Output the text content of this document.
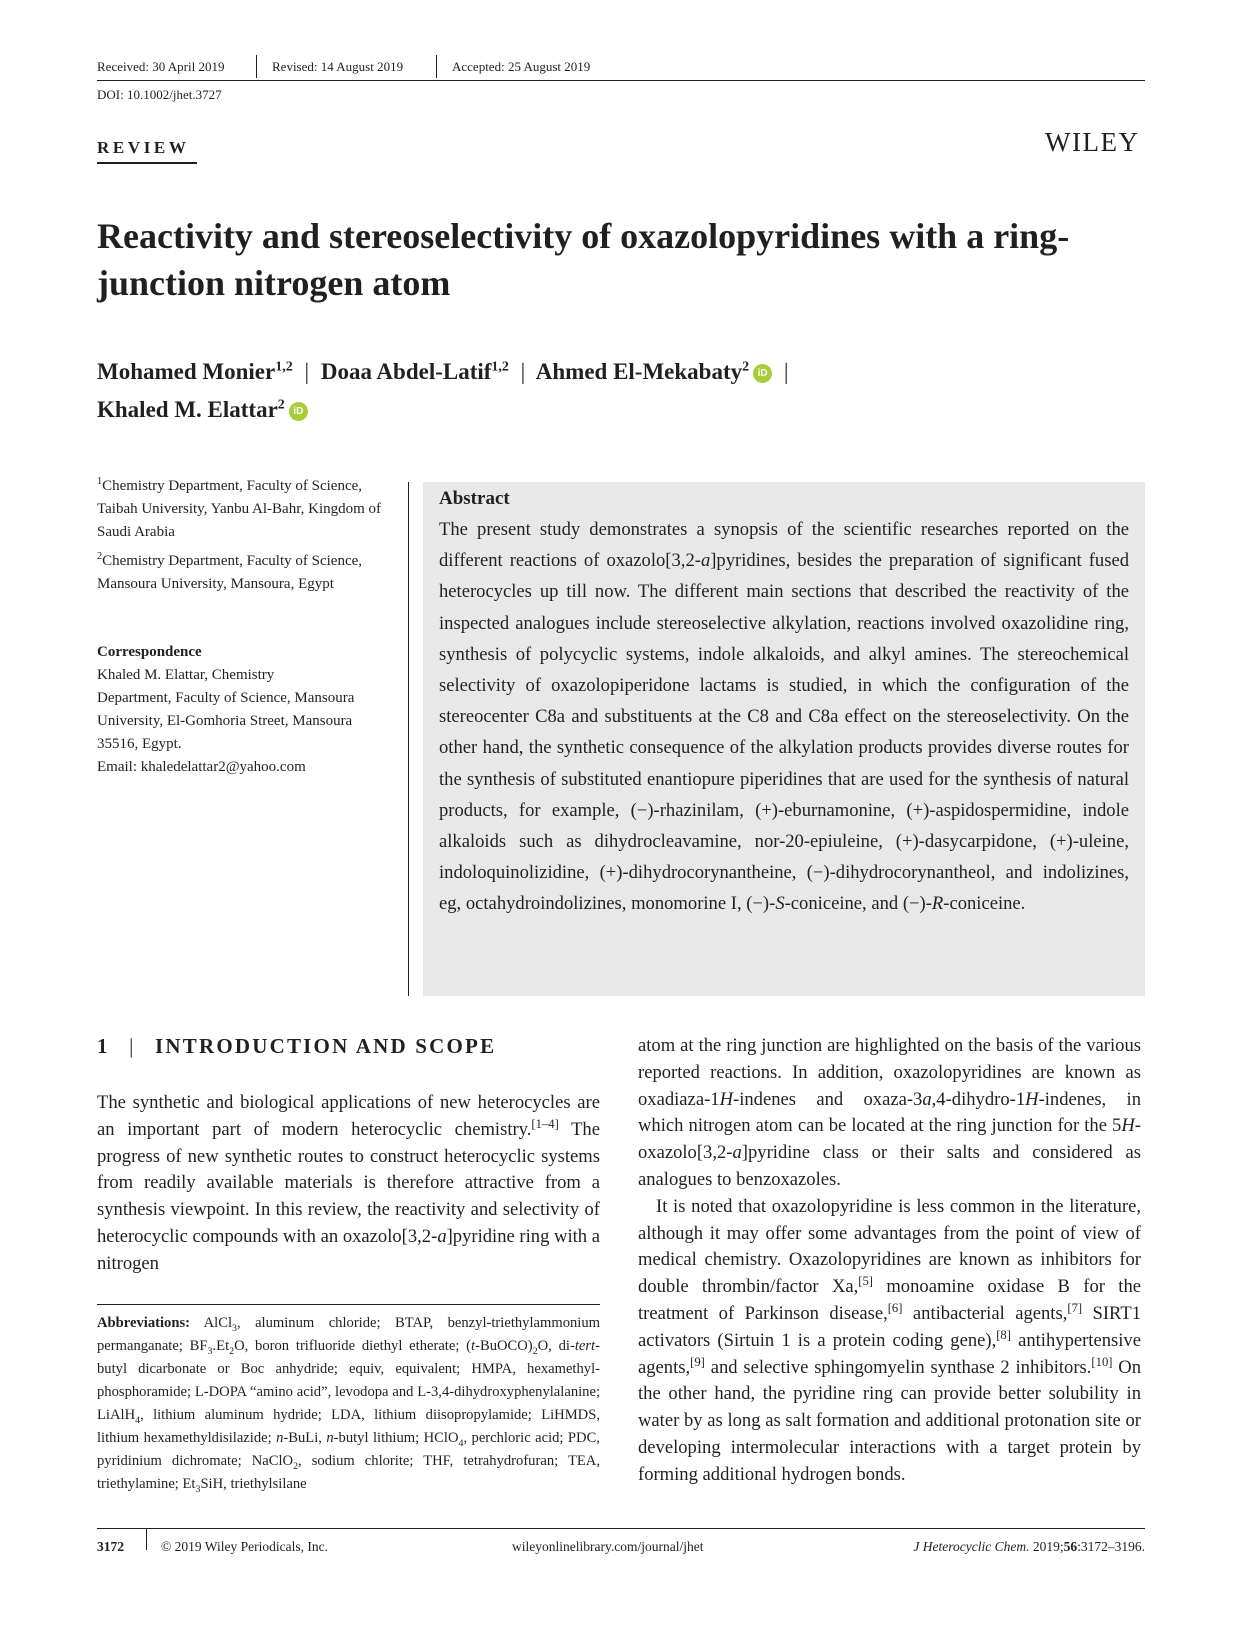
Received: 30 April 2019	Revised: 14 August 2019	Accepted: 25 August 2019
DOI: 10.1002/jhet.3727
REVIEW	WILEY
Reactivity and stereoselectivity of oxazolopyridines with a ring-junction nitrogen atom
Mohamed Monier$^{1,2}$ | Doaa Abdel-Latif$^{1,2}$ | Ahmed El-Mekabaty$^2$ iD |
Khaled M. Elattar$^2$ iD

$^1$Chemistry Department, Faculty of Science, Taibah University, Yanbu Al-Bahr, Kingdom of Saudi Arabia

$^2$Chemistry Department, Faculty of Science, Mansoura University, Mansoura, Egypt

Correspondence
Khaled M. Elattar, Chemistry
Department, Faculty of Science, Mansoura
University, El-Gomhoria Street, Mansoura
35516, Egypt.
Email: khaledelattar2@yahoo.com
Abstract

The present study demonstrates a synopsis of the scientific researches reported on the different reactions of oxazolo[3,2-a]pyridines, besides the preparation of significant fused heterocycles up till now. The different main sections that described the reactivity of the inspected analogues include stereoselective alkylation, reactions involved oxazolidine ring, synthesis of polycyclic systems, indole alkaloids, and alkyl amines. The stereochemical selectivity of oxazolopiperidone lactams is studied, in which the configuration of the stereocenter C8a and substituents at the C8 and C8a effect on the stereoselectivity. On the other hand, the synthetic consequence of the alkylation products provides diverse routes for the synthesis of substituted enantiopure piperidines that are used for the synthesis of natural products, for example, (−)-rhazinilam, (+)-eburnamonine, (+)-aspidospermidine, indole alkaloids such as dihydrocleavamine, nor-20-epiuleine, (+)-dasycarpidone, (+)-uleine, indoloquinolizidine, (+)-dihydrocorynantheine, (−)-dihydrocorynantheol, and indolizines, eg, octahydroindolizines, monomorine I, (−)-S-coniceine, and (−)-R-coniceine.

1 | INTRODUCTION AND SCOPE

The synthetic and biological applications of new heterocycles are an important part of modern heterocyclic chemistry.[1–4] The progress of new synthetic routes to construct heterocyclic systems from readily available materials is therefore attractive from a synthesis viewpoint. In this review, the reactivity and selectivity of heterocyclic compounds with an oxazolo[3,2-a]pyridine ring with a nitrogen

Abbreviations: AlCl$_3$, aluminum chloride; BTAP, benzyl-triethylammonium permanganate; $BF_3.Et_2O$, boron trifluoride diethyl etherate; $(t-BuOCO)_2O$, di-tert-butyl dicarbonate or Boc anhydride; equiv, equivalent; HMPA, hexamethyl-phosphoramide; L-DOPA “amino acid”, levodopa and L-3,4-dihydroxyphenylalanine; LiAlH$_4$, lithium aluminum hydride; LDA, lithium diisopropylamide; LiHMDS, lithium hexamethyldisilazide; n-BuLi, n-butyl lithium; HClO$_4$, perchloric acid; PDC, pyridinium dichromate; NaClO$_2$, sodium chlorite; THF, tetrahydrofuran; TEA, triethylamine; $Et_3SiH$, triethylsilane

atom at the ring junction are highlighted on the basis of the various reported reactions. In addition, oxazolopyridines are known as oxadiaza-1H-indenes and oxaza-3a,4-dihydro-1H-indenes, in which nitrogen atom can be located at the ring junction for the 5H-oxazolo[3,2-a]pyridine class or their salts and considered as analogues to benzoxazoles.

It is noted that oxazolopyridine is less common in the literature, although it may offer some advantages from the point of view of medical chemistry. Oxazolopyridines are known as inhibitors for double thrombin/factor Xa,[5] monoamine oxidase B for the treatment of Parkinson disease,[6] antibacterial agents,[7] SIRT1 activators (Sirtuin 1 is a protein coding gene),[8] antihypertensive agents,[9] and selective sphingomyelin synthase 2 inhibitors.[10] On the other hand, the pyridine ring can provide better solubility in water by as long as salt formation and additional protonation site or developing intermolecular interactions with a target protein by forming additional hydrogen bonds.

3172	© 2019 Wiley Periodicals, Inc.	wileyonlinelibrary.com/journal/jhet	J Heterocyclic Chem. 2019;56:3172–3196.
